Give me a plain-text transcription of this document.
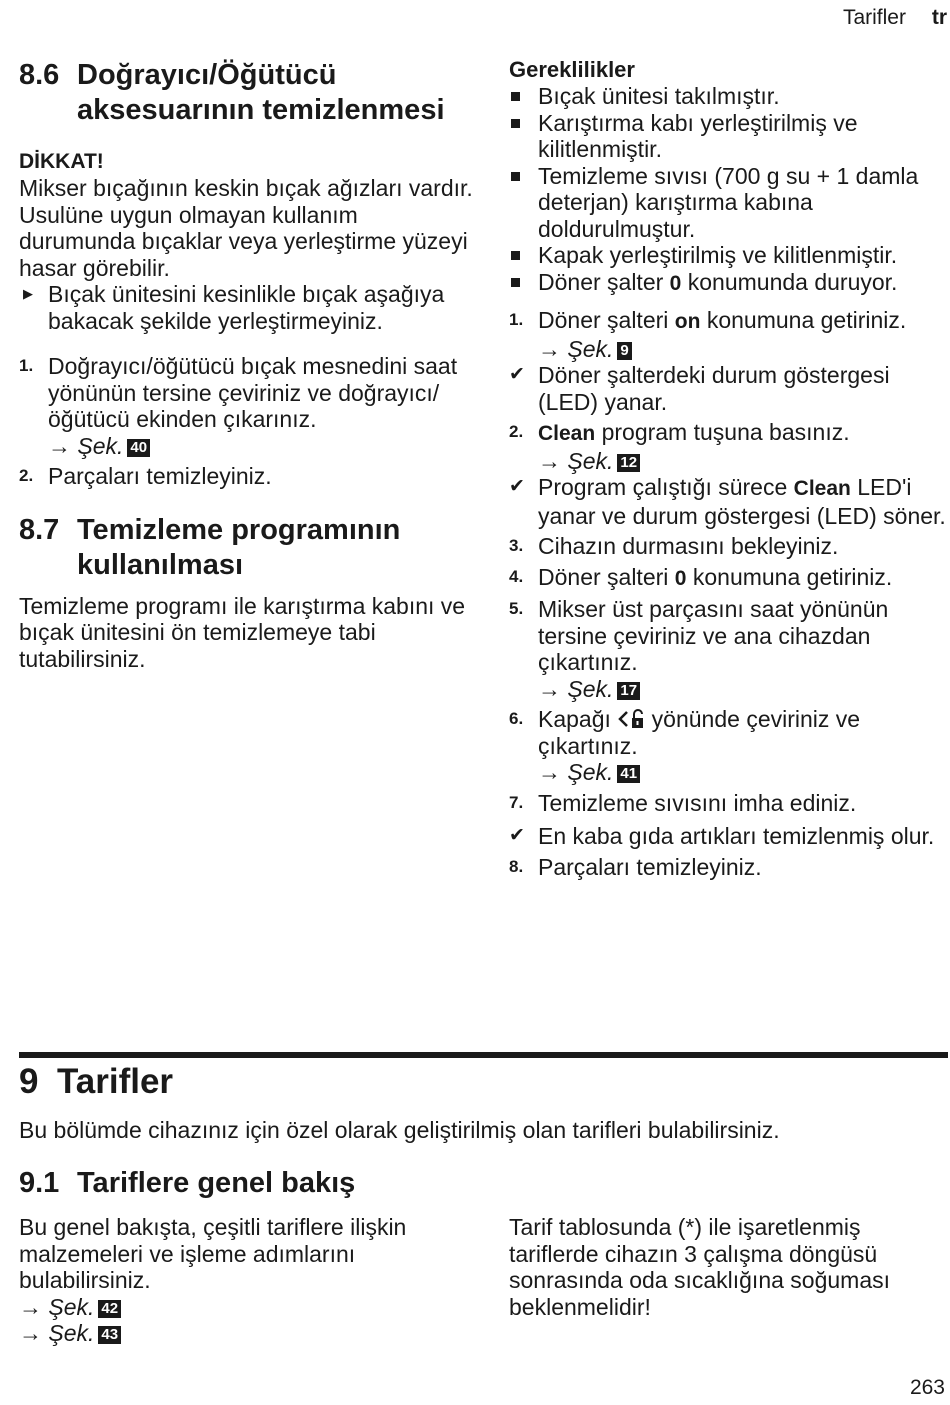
Tarifler tr
8.6 Doğrayıcı/Öğütücü aksesuarının temizlenmesi
DİKKAT!

Mikser bıçağının keskin bıçak ağızları vardır. Usulüne uygun olmayan kullanım durumunda bıçaklar veya yerleştirme yüzeyi hasar görebilir.

▶ Bıçak ünitesini kesinlikle bıçak aşağıya bakacak şekilde yerleştirmeyiniz.
1. Doğrayıcı/öğütücü bıçak mesnedini saat yönünün tersine çeviriniz ve doğrayıcı/öğütücü ekinden çıkarınız.
→ Şek. 40
2. Parçaları temizleyiniz.
8.7 Temizleme programının kullanılması

Temizleme programı ile karıştırma kabını ve bıçak ünitesini ön temizlemeye tabi tutabilirsiniz.

Gereklilikler
Bıçak ünitesi takılmıştır.
Karıştırma kabı yerleştirilmiş ve kilitlenmiştir.
Temizleme sıvısı (700 g su + 1 damla deterjan) karıştırma kabına doldurulmuştur.
Kapak yerleştirilmiş ve kilitlenmiştir.
Döner şalter 0 konumunda duruyor.
1. Döner şalteri on konumuna getiriniz.
→ Şek. 9
✔ Döner şalterdeki durum göstergesi (LED) yanar.
2. Clean program tuşuna basınız.
→ Şek. 12
✔ Program çalıştığı sürece Clean LED'i yanar ve durum göstergesi (LED) söner.
3. Cihazın durmasını bekleyiniz.
4. Döner şalteri 0 konumuna getiriniz.
5. Mikser üst parçasını saat yönünün tersine çeviriniz ve ana cihazdan çıkartınız.
→ Şek. 17
6. Kapağı  yönünde çeviriniz ve çıkartınız.
→ Şek. 41
7. Temizleme sıvısını imha ediniz.
✔ En kaba gıda artıkları temizlenmiş olur.
8. Parçaları temizleyiniz.
9 Tarifler
Bu bölümde cihazınız için özel olarak geliştirilmiş olan tarifleri bulabilirsiniz.
9.1 Tariflere genel bakış

Bu genel bakışta, çeşitli tariflere ilişkin malzemeleri ve işleme adımlarını bulabilirsiniz.

→ Şek. 42
→ Şek. 43

Tarif tablosunda (*) ile işaretlenmiş tariflerde cihazın 3 çalışma döngüsü sonrasında oda sıcaklığına soğuması beklenmelidir!

263
